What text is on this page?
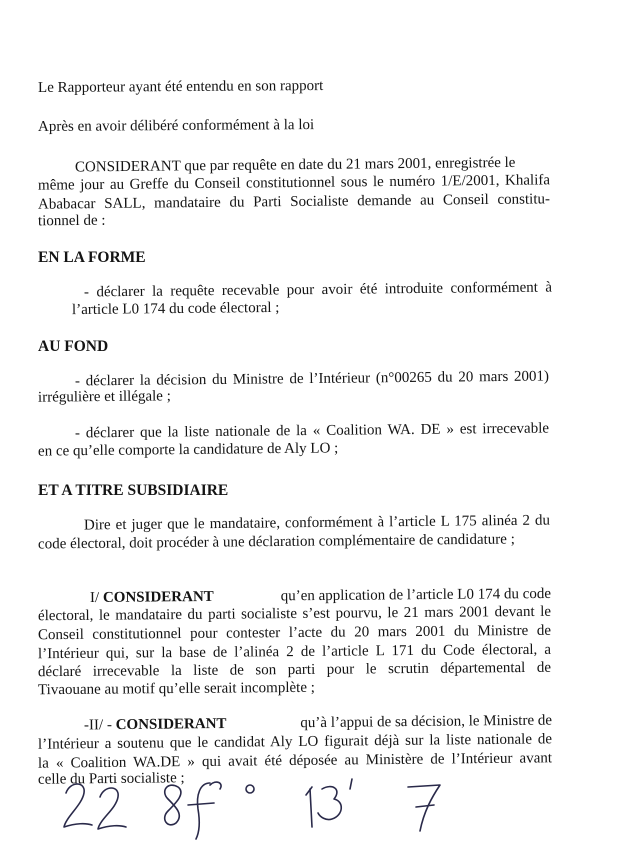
Le Rapporteur ayant été entendu en son rapport
Après en avoir délibéré conformément à la loi
CONSIDERANT que par requête en date du 21 mars 2001, enregistrée le
même jour au Greffe du Conseil constitutionnel sous le numéro 1/E/2001, Khalifa
Ababacar SALL, mandataire du Parti Socialiste demande au Conseil constitu-
tionnel de :
EN LA FORME
- déclarer la requête recevable pour avoir été introduite conformément à
l’article L0 174 du code électoral ;
AU FOND
- déclarer la décision du Ministre de l’Intérieur (n°00265 du 20 mars 2001)
irrégulière et illégale ;
- déclarer que la liste nationale de la « Coalition WA. DE » est irrecevable
en ce qu’elle comporte la candidature de Aly LO ;
ET A TITRE SUBSIDIAIRE
Dire et juger que le mandataire, conformément à l’article L 175 alinéa 2 du
code électoral, doit procéder à une déclaration complémentaire de candidature ;
I/ CONSIDERANT	qu’en application de l’article L0 174 du code
électoral, le mandataire du parti socialiste s’est pourvu, le 21 mars 2001 devant le
Conseil constitutionnel pour contester l’acte du 20 mars 2001 du Ministre de
l’Intérieur qui, sur la base de l’alinéa 2 de l’article L 171 du Code électoral, a
déclaré irrecevable la liste de son parti pour le scrutin départemental de
Tivaouane au motif qu’elle serait incomplète ;
-II/ - CONSIDERANT	qu’à l’appui de sa décision, le Ministre de
l’Intérieur a soutenu que le candidat Aly LO figurait déjà sur la liste nationale de
la « Coalition WA.DE » qui avait été déposée au Ministère de l’Intérieur avant
celle du Parti socialiste ;
